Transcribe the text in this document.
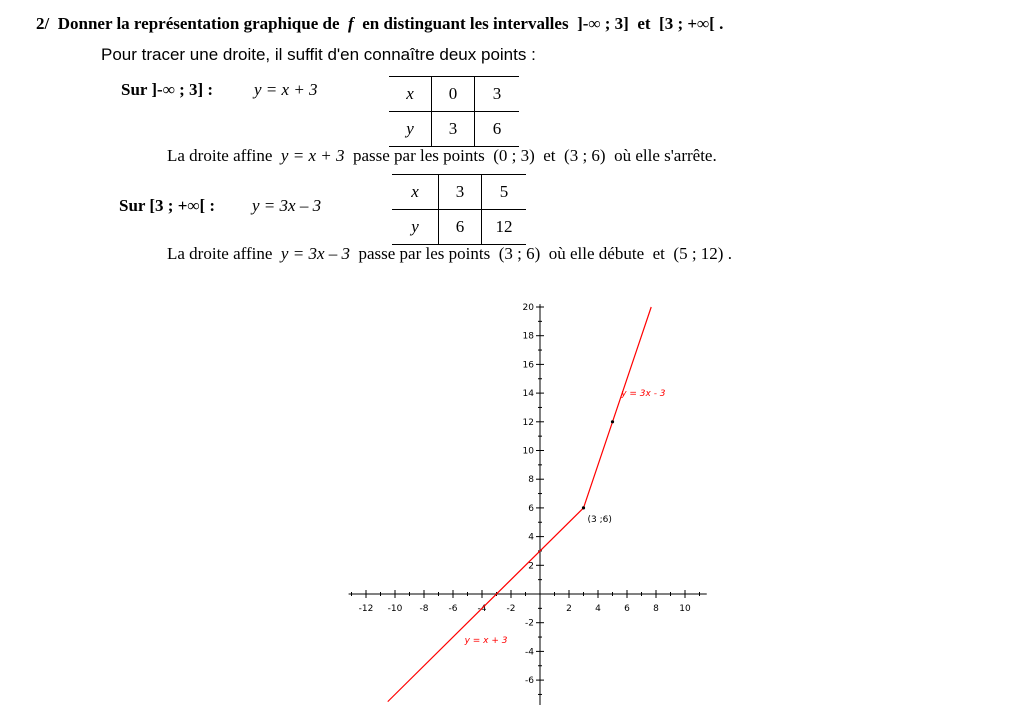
2/ Donner la représentation graphique de f en distinguant les intervalles ]-∞ ; 3] et [3 ; +∞[ .
Pour tracer une droite, il suffit d'en connaître deux points :
Sur ]-∞ ; 3] : y = x + 3	x	0	3
y	3	6
La droite affine y = x + 3 passe par les points (0 ; 3) et (3 ; 6) où elle s'arrête.
Sur [3 ; +∞[ : y = 3x – 3
x	3	5
y	6	12
La droite affine y = 3x – 3 passe par les points (3 ; 6) où elle débute et (5 ; 12) .
-12 -10 -8 -6 -4 -2	2	4	6	8 10
-6
-4
-2
2
4
6
8
10
12
14
16
18
20
(3 ;6)
y = 3x - 3
y = x + 3
